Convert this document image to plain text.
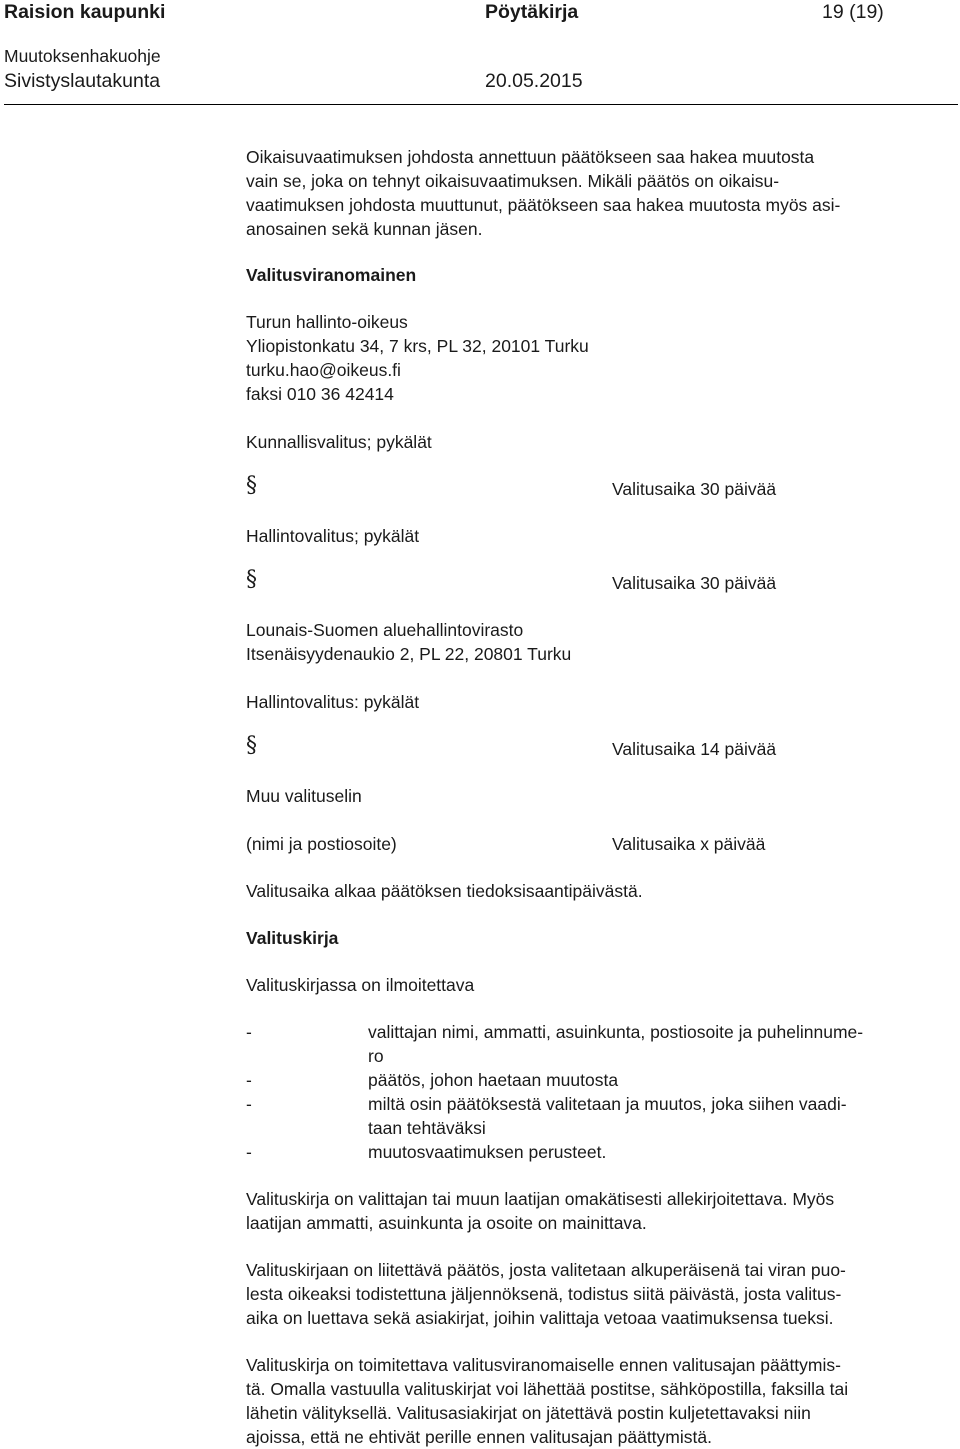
Raision kaupunki	Pöytäkirja	19 (19)
Muutoksenhakuohje
Sivistyslautakunta	20.05.2015
Oikaisuvaatimuksen johdosta annettuun päätökseen saa hakea muutosta
vain se, joka on tehnyt oikaisuvaatimuksen. Mikäli päätös on oikaisu-
vaatimuksen johdosta muuttunut, päätökseen saa hakea muutosta myös asi-
anosainen sekä kunnan jäsen.
Valitusviranomainen
Turun hallinto-oikeus
Yliopistonkatu 34, 7 krs, PL 32, 20101 Turku
turku.hao@oikeus.fi
faksi 010 36 42414
Kunnallisvalitus; pykälät
§	Valitusaika 30 päivää
Hallintovalitus; pykälät
§	Valitusaika 30 päivää
Lounais-Suomen aluehallintovirasto
Itsenäisyydenaukio 2, PL 22, 20801 Turku
Hallintovalitus: pykälät
§	Valitusaika 14 päivää
Muu valituselin
(nimi ja postiosoite)	Valitusaika x päivää
Valitusaika alkaa päätöksen tiedoksisaantipäivästä.
Valituskirja
Valituskirjassa on ilmoitettava
-	valittajan nimi, ammatti, asuinkunta, postiosoite ja puhelinnume-
ro
-	päätös, johon haetaan muutosta
-	miltä osin päätöksestä valitetaan ja muutos, joka siihen vaadi-
taan tehtäväksi
-	muutosvaatimuksen perusteet.
Valituskirja on valittajan tai muun laatijan omakätisesti allekirjoitettava. Myös
laatijan ammatti, asuinkunta ja osoite on mainittava.
Valituskirjaan on liitettävä päätös, josta valitetaan alkuperäisenä tai viran puo-
lesta oikeaksi todistettuna jäljennöksenä, todistus siitä päivästä, josta valitus-
aika on luettava sekä asiakirjat, joihin valittaja vetoaa vaatimuksensa tueksi.
Valituskirja on toimitettava valitusviranomaiselle ennen valitusajan päättymis-
tä. Omalla vastuulla valituskirjat voi lähettää postitse, sähköpostilla, faksilla tai
lähetin välityksellä. Valitusasiakirjat on jätettävä postin kuljetettavaksi niin
ajoissa, että ne ehtivät perille ennen valitusajan päättymistä.
